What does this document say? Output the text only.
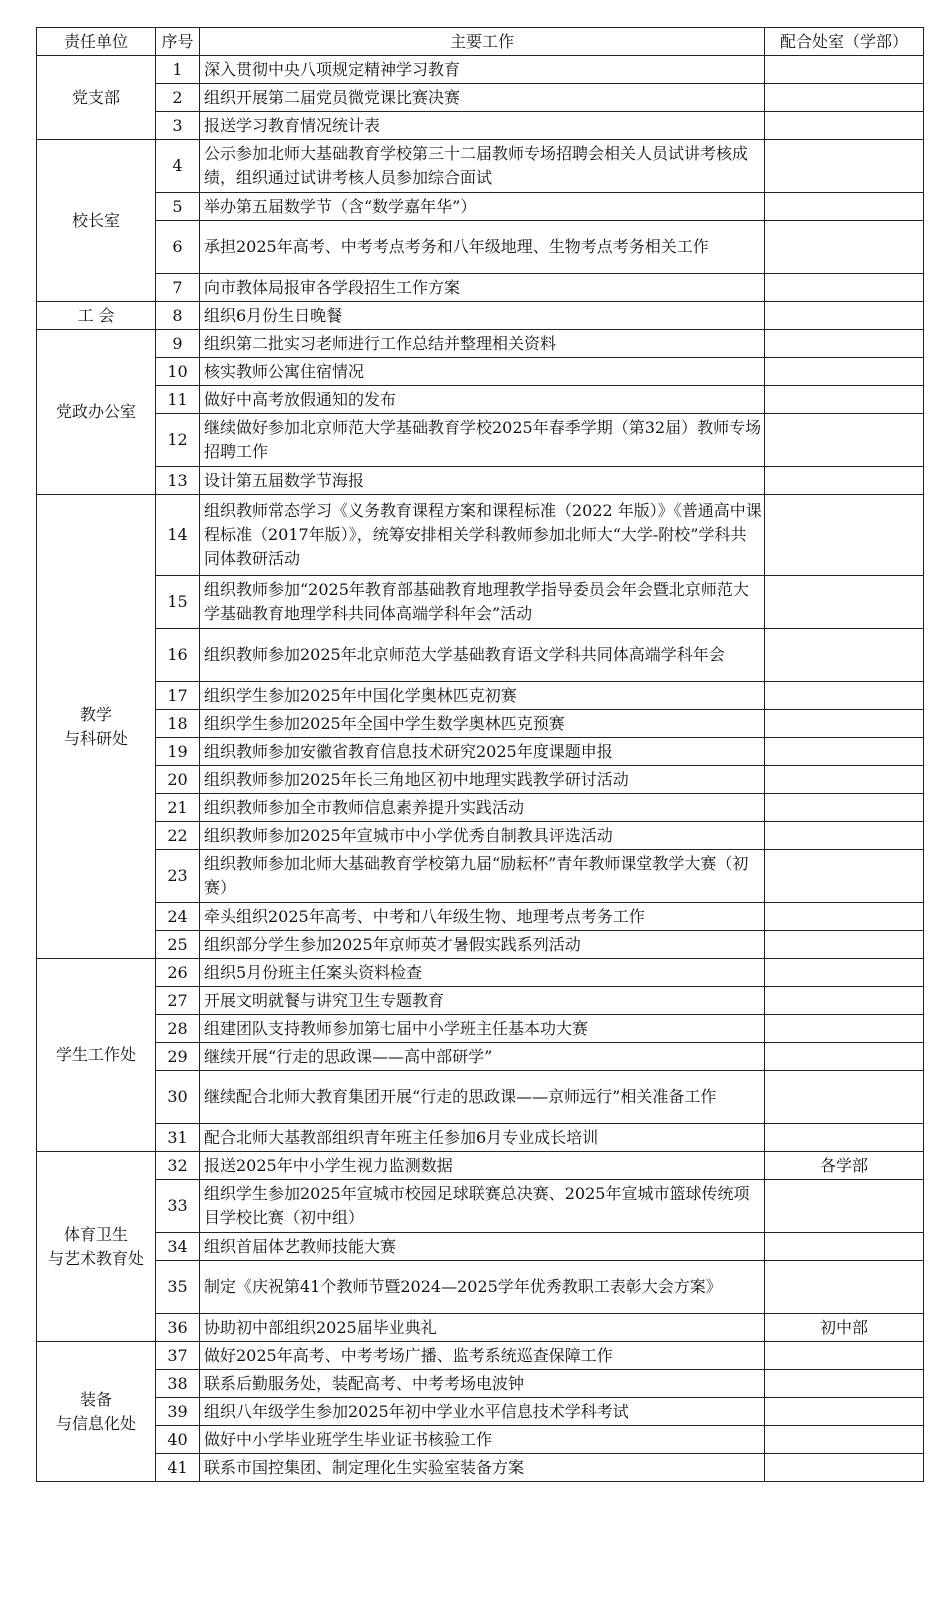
责任单位	序号	主要工作	配合处室（学部）

党支部	1	深入贯彻中央八项规定精神学习教育	
	2	组织开展第二届党员微党课比赛决赛	
	3	报送学习教育情况统计表	

校长室	4	公示参加北师大基础教育学校第三十二届教师专场招聘会相关人员试讲考核成绩，组织通过试讲考核人员参加综合面试	
	5	举办第五届数学节（含“数学嘉年华”）	
	6	承担2025年高考、中考考点考务和八年级地理、生物考点考务相关工作	
	7	向市教体局报审各学段招生工作方案	

工 会	8	组织6月份生日晚餐	

党政办公室	9	组织第二批实习老师进行工作总结并整理相关资料	
	10	核实教师公寓住宿情况	
	11	做好中高考放假通知的发布	
	12	继续做好参加北京师范大学基础教育学校2025年春季学期（第32届）教师专场招聘工作	
	13	设计第五届数学节海报	

教学
与科研处	14	组织教师常态学习《义务教育课程方案和课程标准（2022 年版）》《普通高中课程标准（2017年版）》，统筹安排相关学科教师参加北师大“大学-附校”学科共同体教研活动	
	15	组织教师参加“2025年教育部基础教育地理教学指导委员会年会暨北京师范大学基础教育地理学科共同体高端学科年会”活动	
	16	组织教师参加2025年北京师范大学基础教育语文学科共同体高端学科年会	
	17	组织学生参加2025年中国化学奥林匹克初赛	
	18	组织学生参加2025年全国中学生数学奥林匹克预赛	
	19	组织教师参加安徽省教育信息技术研究2025年度课题申报	
	20	组织教师参加2025年长三角地区初中地理实践教学研讨活动	
	21	组织教师参加全市教师信息素养提升实践活动	
	22	组织教师参加2025年宣城市中小学优秀自制教具评选活动	
	23	组织教师参加北师大基础教育学校第九届“励耘杯”青年教师课堂教学大赛（初赛）	
	24	牵头组织2025年高考、中考和八年级生物、地理考点考务工作	
	25	组织部分学生参加2025年京师英才暑假实践系列活动	

学生工作处	26	组织5月份班主任案头资料检查	
	27	开展文明就餐与讲究卫生专题教育	
	28	组建团队支持教师参加第七届中小学班主任基本功大赛	
	29	继续开展“行走的思政课——高中部研学”	
	30	继续配合北师大教育集团开展“行走的思政课——京师远行”相关准备工作	
	31	配合北师大基教部组织青年班主任参加6月专业成长培训	

体育卫生
与艺术教育处	32	报送2025年中小学生视力监测数据	各学部
	33	组织学生参加2025年宣城市校园足球联赛总决赛、2025年宣城市篮球传统项目学校比赛（初中组）	
	34	组织首届体艺教师技能大赛	
	35	制定《庆祝第41个教师节暨2024—2025学年优秀教职工表彰大会方案》	
	36	协助初中部组织2025届毕业典礼	初中部

装备
与信息化处	37	做好2025年高考、中考考场广播、监考系统巡查保障工作	
	38	联系后勤服务处，装配高考、中考考场电波钟	
	39	组织八年级学生参加2025年初中学业水平信息技术学科考试	
	40	做好中小学毕业班学生毕业证书核验工作	
	41	联系市国控集团、制定理化生实验室装备方案	
